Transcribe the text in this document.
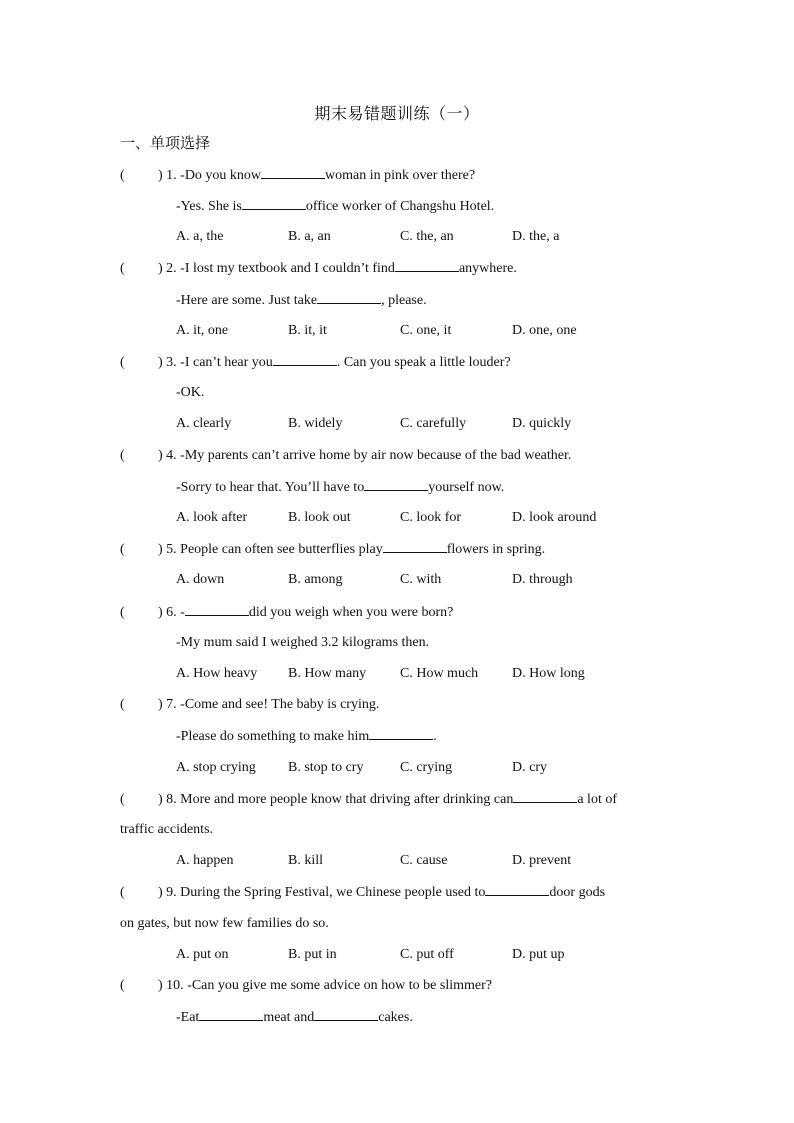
期末易错题训练（一）
一、单项选择
( ) 1. -Do you know	woman in pink over there?
-Yes. She is	office worker of Changshu Hotel.
A. a, the	B. a, an	C. the, an	D. the, a
( ) 2. -I lost my textbook and I couldn’t find	anywhere.
-Here are some. Just take	, please.
A. it, one	B. it, it	C. one, it	D. one, one
( ) 3. -I can’t hear you	. Can you speak a little louder?
-OK.
A. clearly	B. widely	C. carefully	D. quickly
( ) 4. -My parents can’t arrive home by air now because of the bad weather.
-Sorry to hear that. You’ll have to	yourself now.
A. look after	B. look out	C. look for	D. look around
( ) 5. People can often see butterflies play	flowers in spring.
A. down	B. among	C. with	D. through
( ) 6. -	did you weigh when you were born?
-My mum said I weighed 3.2 kilograms then.
A. How heavy B. How many C. How much D. How long
( ) 7. -Come and see! The baby is crying.
-Please do something to make him	.
A. stop crying B. stop to cry	C. crying	D. cry
( ) 8. More and more people know that driving after drinking can	a lot of
traffic accidents.
A. happen	B. kill	C. cause	D. prevent
( ) 9. During the Spring Festival, we Chinese people used to	door gods
on gates, but now few families do so.
A. put on	B. put in	C. put off	D. put up
( ) 10. -Can you give me some advice on how to be slimmer?
-Eat	meat and	cakes.
